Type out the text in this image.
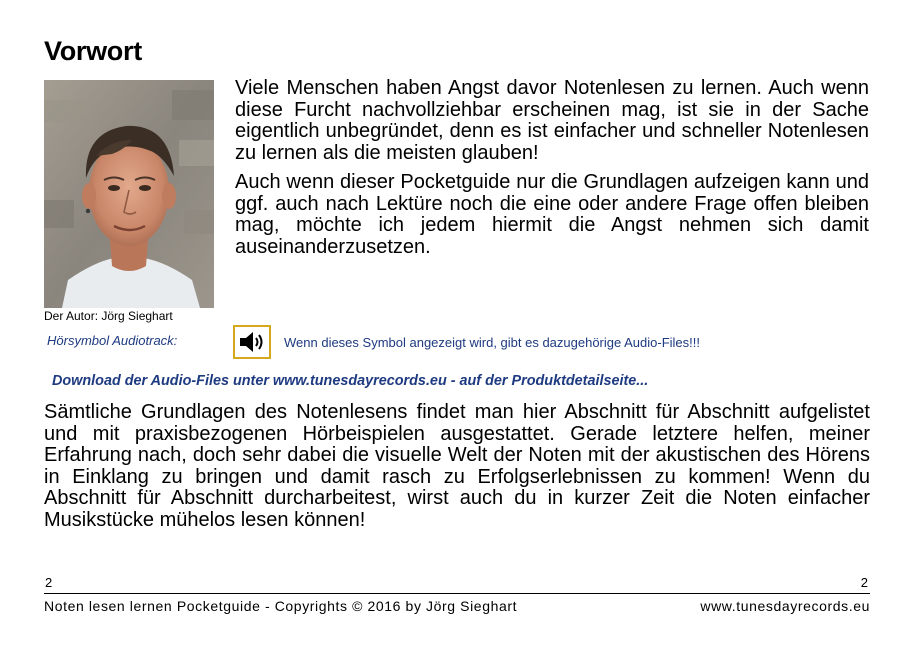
Vorwort
Der Autor: Jörg Sieghart

Viele Menschen haben Angst davor Notenlesen zu lernen. Auch wenn diese Furcht nachvollziehbar erscheinen mag, ist sie in der Sache eigentlich unbegründet, denn es ist einfacher und schneller Notenlesen zu lernen als die meisten glauben!

Auch wenn dieser Pocketguide nur die Grundlagen aufzeigen kann und ggf. auch nach Lektüre noch die eine oder andere Frage offen bleiben mag, möchte ich jedem hiermit die Angst nehmen sich damit auseinanderzusetzen.

Hörsymbol Audiotrack:	Wenn dieses Symbol angezeigt wird, gibt es dazugehörige Audio-Files!!!
Download der Audio-Files unter www.tunesdayrecords.eu - auf der Produktdetailseite...

Sämtliche Grundlagen des Notenlesens findet man hier Abschnitt für Abschnitt aufgelistet und mit praxisbezogenen Hörbeispielen ausgestattet. Gerade letztere helfen, meiner Erfahrung nach, doch sehr dabei die visuelle Welt der Noten mit der akustischen des Hörens in Einklang zu bringen und damit rasch zu Erfolgserlebnissen zu kommen! Wenn du Abschnitt für Abschnitt durcharbeitest, wirst auch du in kurzer Zeit die Noten einfacher Musikstücke mühelos lesen können!

2	2
Noten lesen lernen Pocketguide - Copyrights © 2016 by Jörg Sieghart	www.tunesdayrecords.eu
